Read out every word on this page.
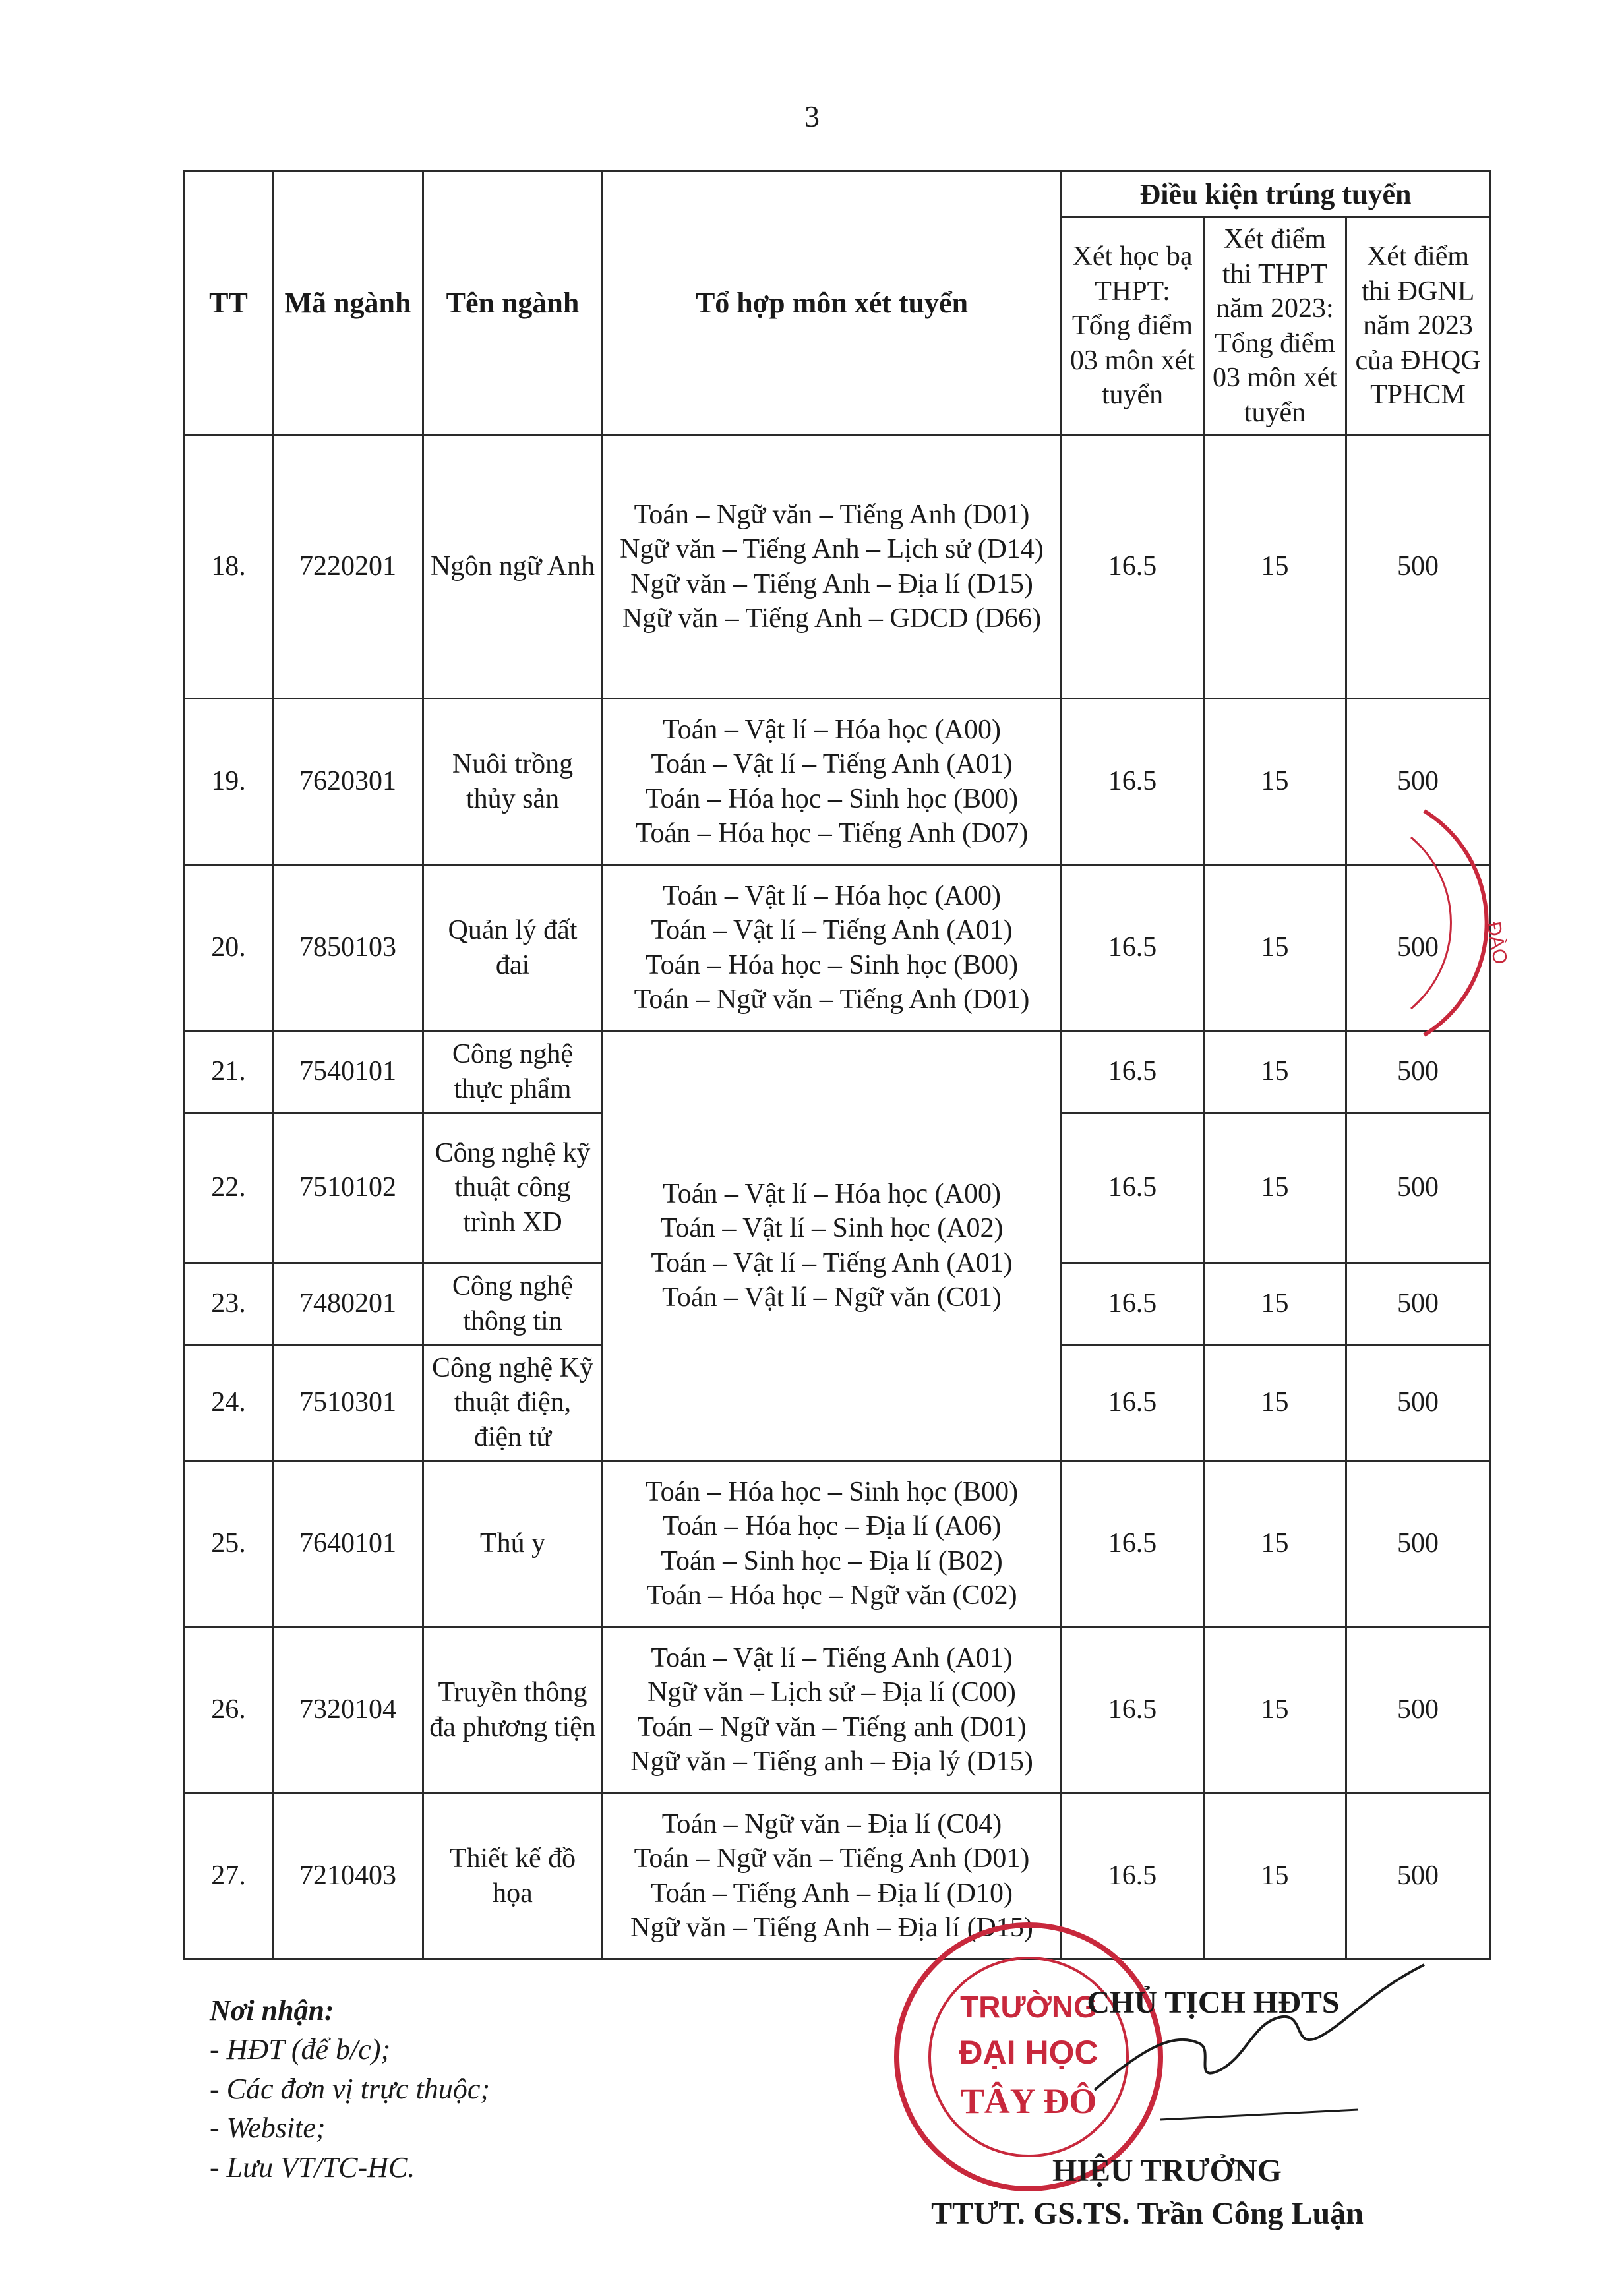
3
TT	Mã ngành	Tên ngành	Tổ hợp môn xét tuyển	Điều kiện trúng tuyển		
				Xét học bạ THPT: Tổng điểm 03 môn xét tuyển	Xét điểm thi THPT năm 2023: Tổng điểm 03 môn xét tuyển	Xét điểm thi ĐGNL năm 2023 của ĐHQG TPHCM
18.	7220201	Ngôn ngữ Anh	Toán – Ngữ văn – Tiếng Anh (D01)
Ngữ văn – Tiếng Anh – Lịch sử (D14)
Ngữ văn – Tiếng Anh – Địa lí (D15)
Ngữ văn – Tiếng Anh – GDCD (D66)	16.5	15	500
19.	7620301	Nuôi trồng thủy sản	Toán – Vật lí – Hóa học (A00)
Toán – Vật lí – Tiếng Anh (A01)
Toán – Hóa học – Sinh học (B00)
Toán – Hóa học – Tiếng Anh (D07)	16.5	15	500
20.	7850103	Quản lý đất đai	Toán – Vật lí – Hóa học (A00)
Toán – Vật lí – Tiếng Anh (A01)
Toán – Hóa học – Sinh học (B00)
Toán – Ngữ văn – Tiếng Anh (D01)	16.5	15	500
21.	7540101	Công nghệ thực phẩm	Toán – Vật lí – Hóa học (A00)
Toán – Vật lí – Sinh học (A02)
Toán – Vật lí – Tiếng Anh (A01)
Toán – Vật lí – Ngữ văn (C01)	16.5	15	500
22.	7510102	Công nghệ kỹ thuật công trình XD		16.5	15	500
23.	7480201	Công nghệ thông tin		16.5	15	500
24.	7510301	Công nghệ Kỹ thuật điện, điện tử		16.5	15	500
25.	7640101	Thú y	Toán – Hóa học – Sinh học (B00)
Toán – Hóa học – Địa lí (A06)
Toán – Sinh học – Địa lí (B02)
Toán – Hóa học – Ngữ văn (C02)	16.5	15	500
26.	7320104	Truyền thông đa phương tiện	Toán – Vật lí – Tiếng Anh (A01)
Ngữ văn – Lịch sử – Địa lí (C00)
Toán – Ngữ văn – Tiếng anh (D01)
Ngữ văn – Tiếng anh – Địa lý (D15)	16.5	15	500
27.	7210403	Thiết kế đồ họa	Toán – Ngữ văn – Địa lí (C04)
Toán – Ngữ văn – Tiếng Anh (D01)
Toán – Tiếng Anh – Địa lí (D10)
Ngữ văn – Tiếng Anh – Địa lí (D15)	16.5	15	500
ĐÀO
Nơi nhận:
- HĐT (để b/c);
- Các đơn vị trực thuộc;
- Website;
- Lưu VT/TC-HC.
TRƯỜNG
ĐẠI HỌC
TÂY ĐÔ
CHỦ TỊCH HĐTS
HIỆU TRƯỞNG
TTƯT. GS.TS. Trần Công Luận
